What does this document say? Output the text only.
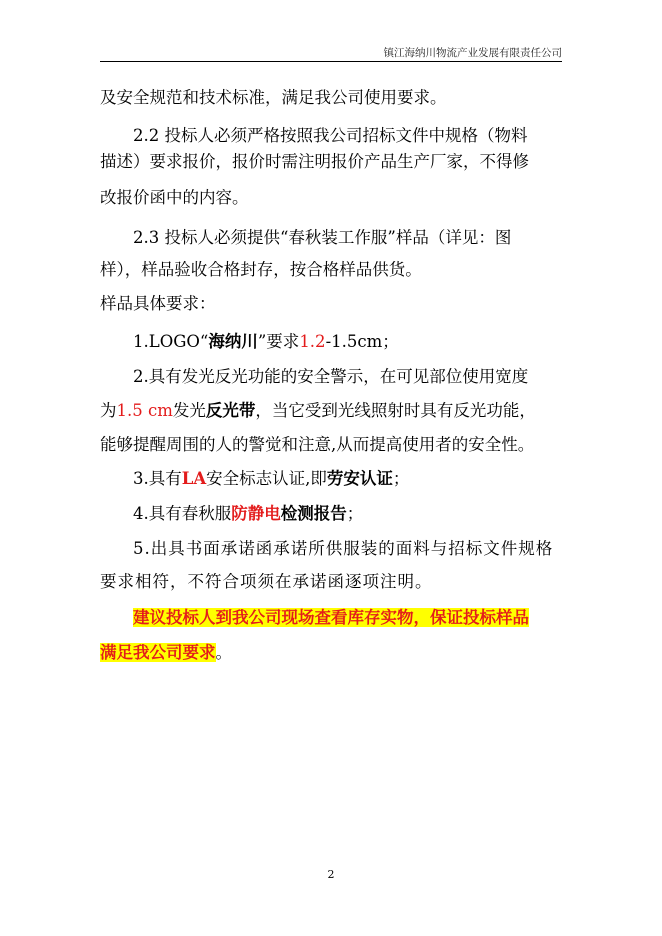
镇江海纳川物流产业发展有限责任公司
及安全规范和技术标准，满足我公司使用要求。
2.2 投标人必须严格按照我公司招标文件中规格（物料
描述）要求报价，报价时需注明报价产品生产厂家，不得修
改报价函中的内容。
2.3 投标人必须提供“春秋装工作服”样品（详见：图
样），样品验收合格封存，按合格样品供货。
样品具体要求：
1.LOGO“海纳川”要求1.2-1.5cm；
2.具有发光反光功能的安全警示，在可见部位使用宽度
为1.5 cm发光反光带，当它受到光线照射时具有反光功能，
能够提醒周围的人的警觉和注意,从而提高使用者的安全性。
3.具有LA安全标志认证,即劳安认证；
4.具有春秋服防静电检测报告；
5.出具书面承诺函承诺所供服装的面料与招标文件规格
要求相符，不符合项须在承诺函逐项注明。
建议投标人到我公司现场查看库存实物，保证投标样品
满足我公司要求。
2
